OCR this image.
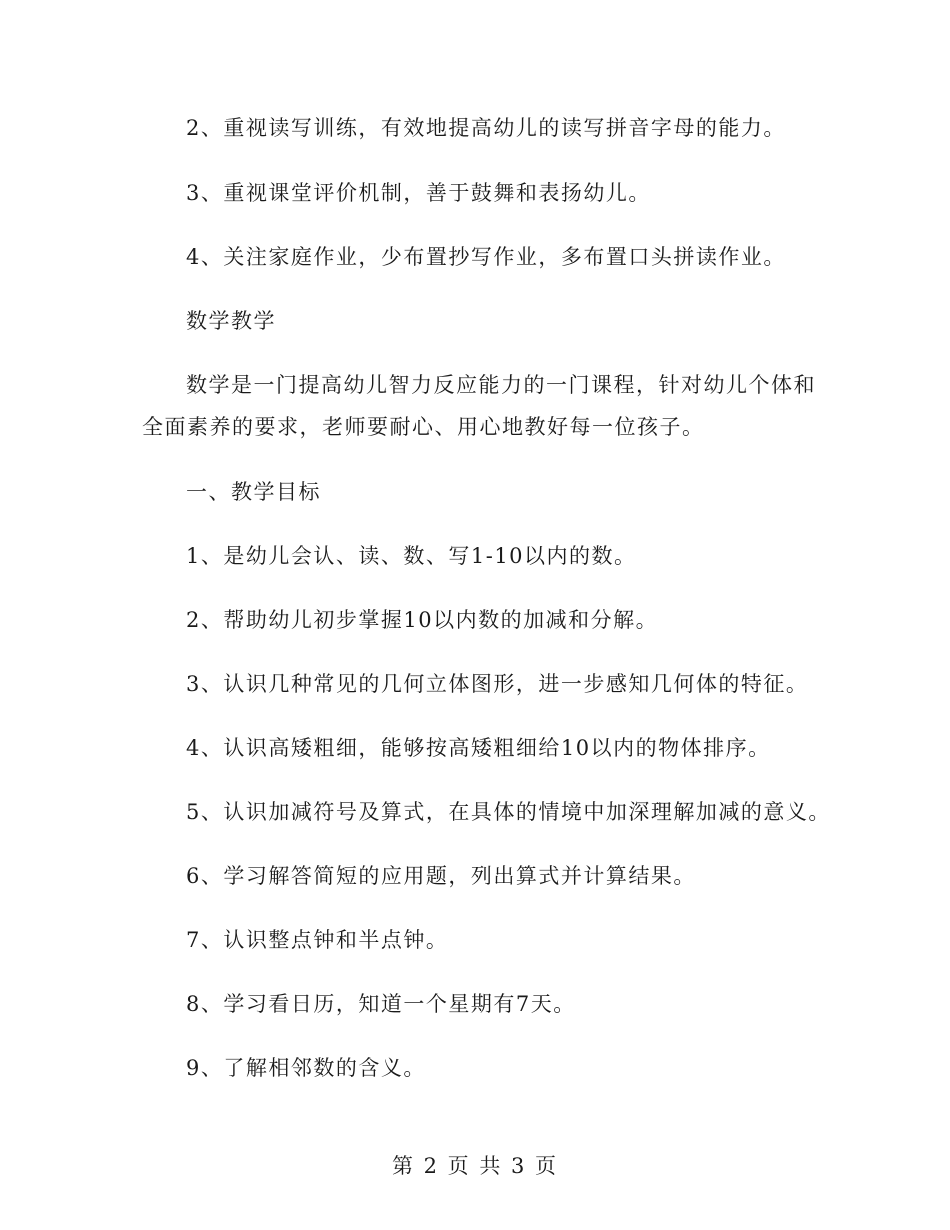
2、重视读写训练，有效地提高幼儿的读写拼音字母的能力。
3、重视课堂评价机制，善于鼓舞和表扬幼儿。
4、关注家庭作业，少布置抄写作业，多布置口头拼读作业。
数学教学
数学是一门提高幼儿智力反应能力的一门课程，针对幼儿个体和
全面素养的要求，老师要耐心、用心地教好每一位孩子。
一、教学目标
1、是幼儿会认、读、数、写1-10以内的数。
2、帮助幼儿初步掌握10以内数的加减和分解。
3、认识几种常见的几何立体图形，进一步感知几何体的特征。
4、认识高矮粗细，能够按高矮粗细给10以内的物体排序。
5、认识加减符号及算式，在具体的情境中加深理解加减的意义。
6、学习解答简短的应用题，列出算式并计算结果。
7、认识整点钟和半点钟。
8、学习看日历，知道一个星期有7天。
9、了解相邻数的含义。
第 2 页 共 3 页
